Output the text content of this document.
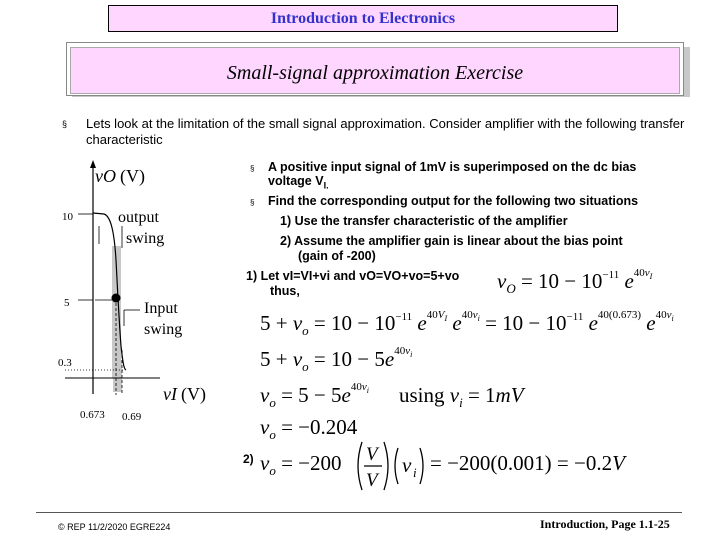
Introduction to Electronics
Small-signal approximation Exercise
§ Lets look at the limitation of the small signal approximation. Consider amplifier with the following transfer characteristic
vO (V)
vI (V)
10
5
0.3
0.673 0.69
output
swing
Input
swing
§ A positive input signal of 1mV is superimposed on the dc bias
voltage $V_{I.}$
§ Find the corresponding output for the following two situations
1) Use the transfer characteristic of the amplifier
2) Assume the amplifier gain is linear about the bias point
(gain of -200)
1) Let vI=VI+vi and vO=VO+vo=5+vo
thus,
2)
$v_O = 10 - 10^{-11}$ $e^{40}vI$
$5 + v_o = 10 - 10^{-11}$ $e^{40}VI$ $e^{40}vi = 10 - 10^{-11}$ $e^{40(0.673)}$ $e^{40}vi$
$5 + v_o = 10 - 5e^{40}vi$
$v_o = 5 - 5e^{40}vi$ using $v_i = 1mV$
$v_o = -0.204$
$v_o = -200$ V
V
v i = −200(0.001) = −0.2V
© REP 11/2/2020 EGRE224	Introduction, Page 1.1-25
